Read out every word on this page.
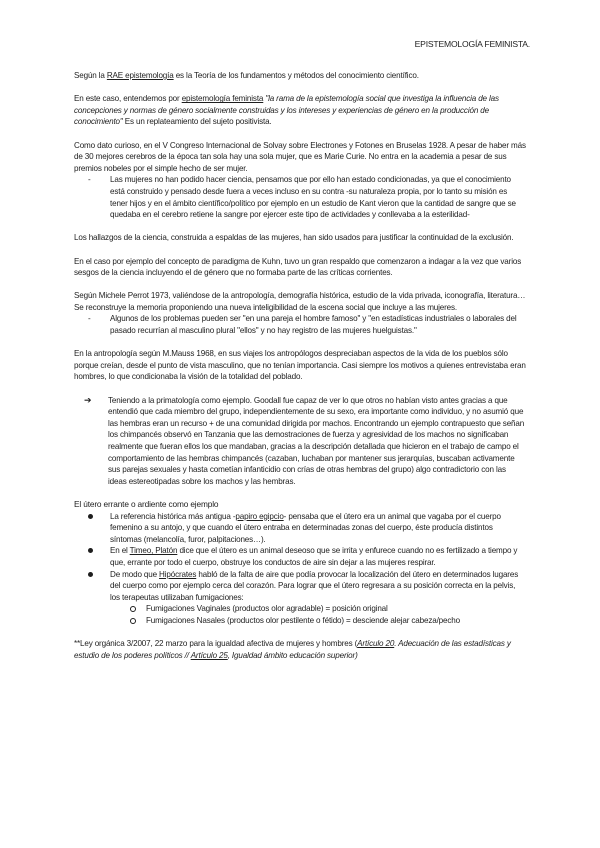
EPISTEMOLOGÍA FEMINISTA.

Según la RAE epistemología es la Teoría de los fundamentos y métodos del conocimiento científico.

En este caso, entendemos por epistemología feminista "la rama de la epistemología social que investiga la influencia de las concepciones y normas de género socialmente construidas y los intereses y experiencias de género en la producción de conocimiento" Es un replateamiento del sujeto positivista.

Como dato curioso, en el V Congreso Internacional de Solvay sobre Electrones y Fotones en Bruselas 1928. A pesar de haber más de 30 mejores cerebros de la época tan sola hay una sola mujer, que es Marie Curie. No entra en la academia a pesar de sus premios nobeles por el simple hecho de ser mujer.

- Las mujeres no han podido hacer ciencia, pensamos que por ello han estado condicionadas, ya que el conocimiento está construido y pensado desde fuera a veces incluso en su contra -su naturaleza propia, por lo tanto su misión es tener hijos y en el ámbito científico/político por ejemplo en un estudio de Kant vieron que la cantidad de sangre que se quedaba en el cerebro retiene la sangre por ejercer este tipo de actividades y conllevaba a la esterilidad-

Los hallazgos de la ciencia, construida a espaldas de las mujeres, han sido usados para justificar la continuidad de la exclusión.

En el caso por ejemplo del concepto de paradigma de Kuhn, tuvo un gran respaldo que comenzaron a indagar a la vez que varios sesgos de la ciencia incluyendo el de género que no formaba parte de las críticas corrientes.

Según Michele Perrot 1973, valiéndose de la antropología, demografía histórica, estudio de la vida privada, iconografía, literatura… Se reconstruye la memoria proponiendo una nueva inteligibilidad de la escena social que incluye a las mujeres.

- Algunos de los problemas pueden ser "en una pareja el hombre famoso" y "en estadísticas industriales o laborales del pasado recurrían al masculino plural "ellos" y no hay registro de las mujeres huelguistas."

En la antropología según M.Mauss 1968, en sus viajes los antropólogos despreciaban aspectos de la vida de los pueblos sólo porque creían, desde el punto de vista masculino, que no tenían importancia. Casi siempre los motivos a quienes entrevistaba eran hombres, lo que condicionaba la visión de la totalidad del poblado.

➔ Teniendo a la primatología como ejemplo. Goodall fue capaz de ver lo que otros no habían visto antes gracias a que entendió que cada miembro del grupo, independientemente de su sexo, era importante como individuo, y no asumió que las hembras eran un recurso + de una comunidad dirigida por machos. Encontrando un ejemplo contrapuesto que señan los chimpancés observó en Tanzania que las demostraciones de fuerza y agresividad de los machos no significaban realmente que fueran ellos los que mandaban, gracias a la descripción detallada que hicieron en el trabajo de campo el comportamiento de las hembras chimpancés (cazaban, luchaban por mantener sus jerarquías, buscaban activamente sus parejas sexuales y hasta cometían infanticidio con crías de otras hembras del grupo) algo contradictorio con las ideas estereotipadas sobre los machos y las hembras.

El útero errante o ardiente como ejemplo

La referencia histórica más antigua -papiro egipcio- pensaba que el útero era un animal que vagaba por el cuerpo femenino a su antojo, y que cuando el útero entraba en determinadas zonas del cuerpo, éste producía distintos síntomas (melancolía, furor, palpitaciones…).
En el Timeo, Platón dice que el útero es un animal deseoso que se irrita y enfurece cuando no es fertilizado a tiempo y que, errante por todo el cuerpo, obstruye los conductos de aire sin dejar a las mujeres respirar.
De modo que Hipócrates habló de la falta de aire que podía provocar la localización del útero en determinados lugares del cuerpo como por ejemplo cerca del corazón. Para lograr que el útero regresara a su posición correcta en la pelvis, los terapeutas utilizaban fumigaciones:
Fumigaciones Vaginales (productos olor agradable) = posición original
Fumigaciones Nasales (productos olor pestilente o fétido) = desciende alejar cabeza/pecho

**Ley orgánica 3/2007, 22 marzo para la igualdad afectiva de mujeres y hombres (Artículo 20. Adecuación de las estadísticas y estudio de los poderes políticos // Artículo 25, Igualdad ámbito educación superior)
